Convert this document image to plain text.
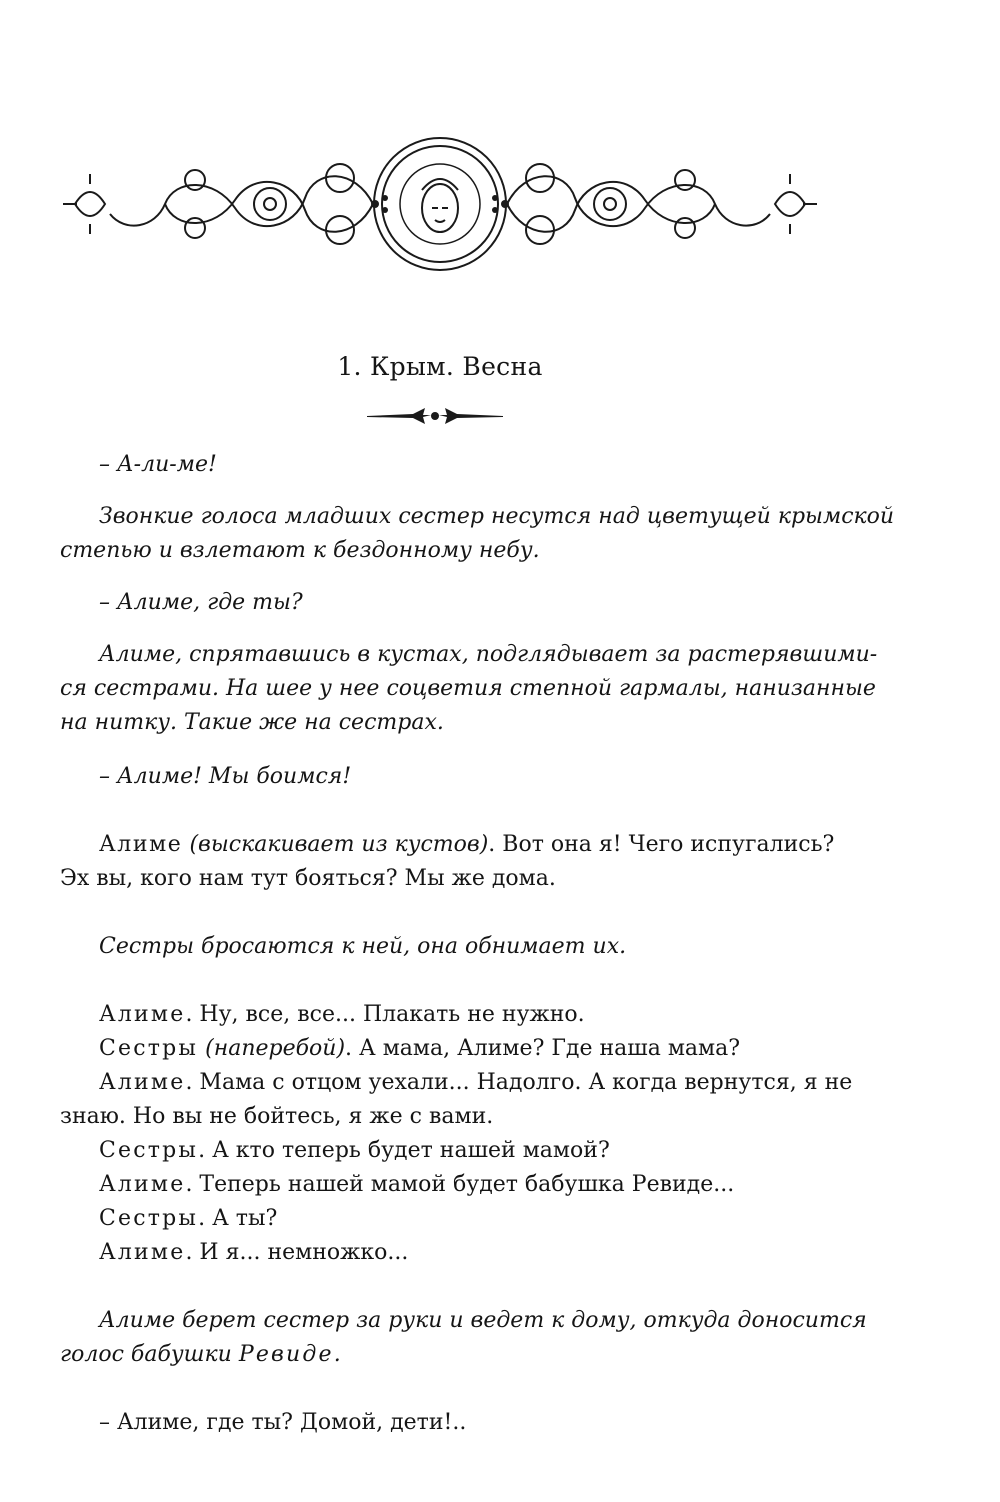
1. Крым. Весна
– А-ли-ме!
Звонкие голоса младших сестер несутся над цветущей крымской
степью и взлетают к бездонному небу.
– Алиме, где ты?
Алиме, спрятавшись в кустах, подглядывает за растерявшими-
ся сестрами. На шее у нее соцветия степной гармалы, нанизанные
на нитку. Такие же на сестрах.
– Алиме! Мы боимся!
Алиме (выскакивает из кустов). Вот она я! Чего испугались?
Эх вы, кого нам тут бояться? Мы же дома.
Сестры бросаются к ней, она обнимает их.
Алиме. Ну, все, все... Плакать не нужно.
Сестры (наперебой). А мама, Алиме? Где наша мама?
Алиме. Мама с отцом уехали... Надолго. А когда вернутся, я не
знаю. Но вы не бойтесь, я же с вами.
Сестры. А кто теперь будет нашей мамой?
Алиме. Теперь нашей мамой будет бабушка Ревиде...
Сестры. А ты?
Алиме. И я... немножко...
Алиме берет сестер за руки и ведет к дому, откуда доносится
голос бабушки Ревиде.
– Алиме, где ты? Домой, дети!..
